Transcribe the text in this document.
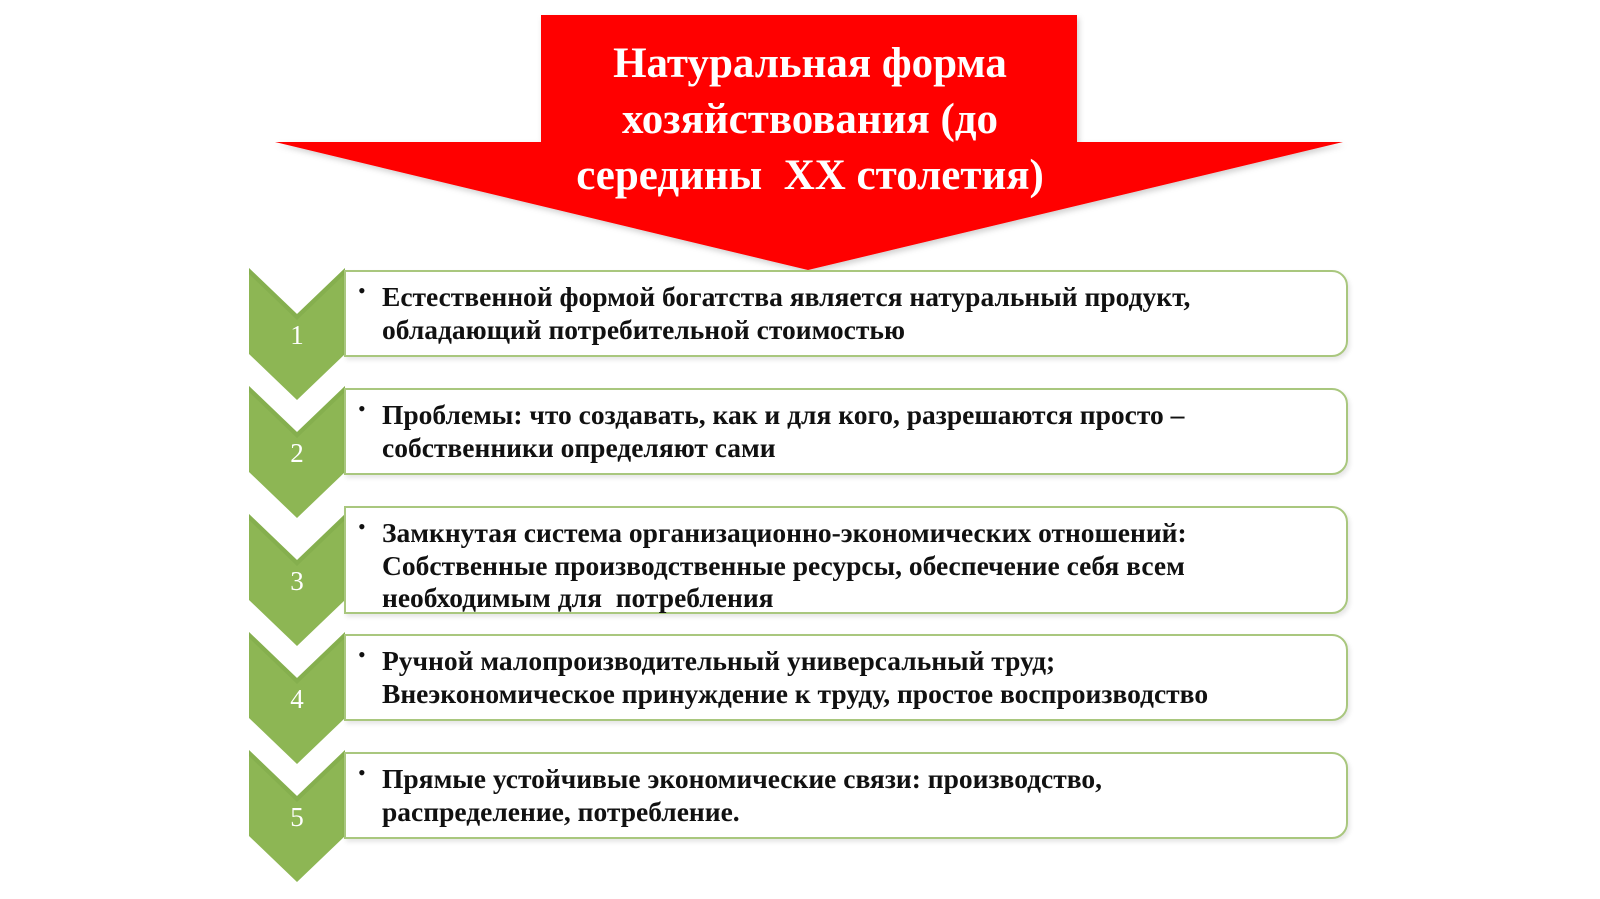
Натуральная форма
хозяйствования (до
середины  XX столетия)
1
• Естественной формой богатства является натуральный продукт,
обладающий потребительной стоимостью
2
• Проблемы: что создавать, как и для кого, разрешаются просто –
собственники определяют сами
3
• Замкнутая система организационно-экономических отношений:
Собственные производственные ресурсы, обеспечение себя всем
необходимым для  потребления
4
• Ручной малопроизводительный универсальный труд;
Внеэкономическое принуждение к труду, простое воспроизводство
5
• Прямые устойчивые экономические связи: производство,
распределение, потребление.
